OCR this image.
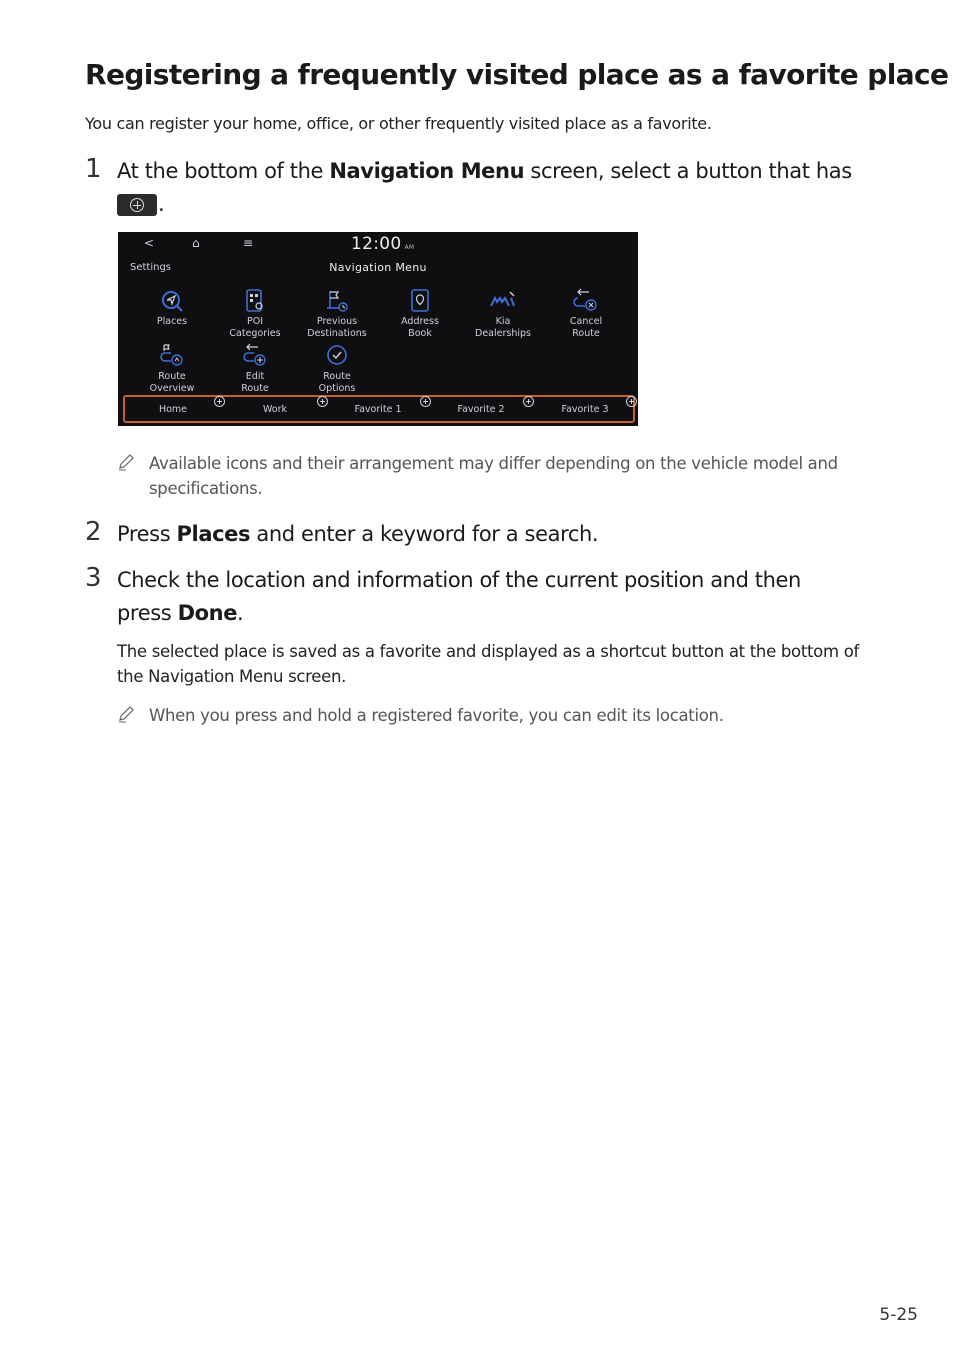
Registering a frequently visited place as a favorite place
You can register your home, office, or other frequently visited place as a favorite.
1 At the bottom of the Navigation Menu screen, select a button that has

.
<	⌂	≡	12:00 AM
Settings	Navigation Menu
Places	POI
Categories
Previous
Destinations
Address
Book
Kia
Dealerships
Cancel
Route
Route
Overview
Edit
Route
Route
Options
Home	Work	Favorite 1	Favorite 2	Favorite 3
Available icons and their arrangement may differ depending on the vehicle model and specifications.
2 Press Places and enter a keyword for a search.
3 Check the location and information of the current position and then
press Done.
The selected place is saved as a favorite and displayed as a shortcut button at the bottom of the Navigation Menu screen.
When you press and hold a registered favorite, you can edit its location.
5-25
